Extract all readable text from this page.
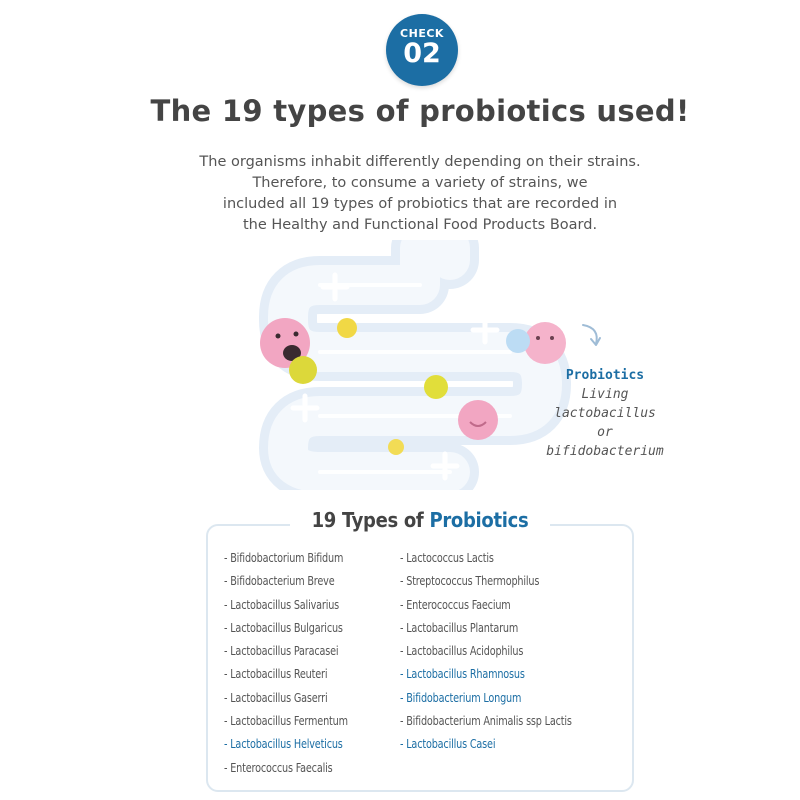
CHECK
02
The 19 types of probiotics used!
The organisms inhabit differently depending on their strains.
Therefore, to consume a variety of strains, we
included all 19 types of probiotics that are recorded in
the Healthy and Functional Food Products Board.
Probiotics
Living
lactobacillus
or
bifidobacterium
19 Types of Probiotics
- Bifidobactorium Bifidum
- Bifidobacterium Breve
- Lactobacillus Salivarius
- Lactobacillus Bulgaricus
- Lactobacillus Paracasei
- Lactobacillus Reuteri
- Lactobacillus Gaserri
- Lactobacillus Fermentum
- Lactobacillus Helveticus
- Enterococcus Faecalis
- Lactococcus Lactis
- Streptococcus Thermophilus
- Enterococcus Faecium
- Lactobacillus Plantarum
- Lactobacillus Acidophilus
- Lactobacillus Rhamnosus
- Bifidobacterium Longum
- Bifidobacterium Animalis ssp Lactis
- Lactobacillus Casei
